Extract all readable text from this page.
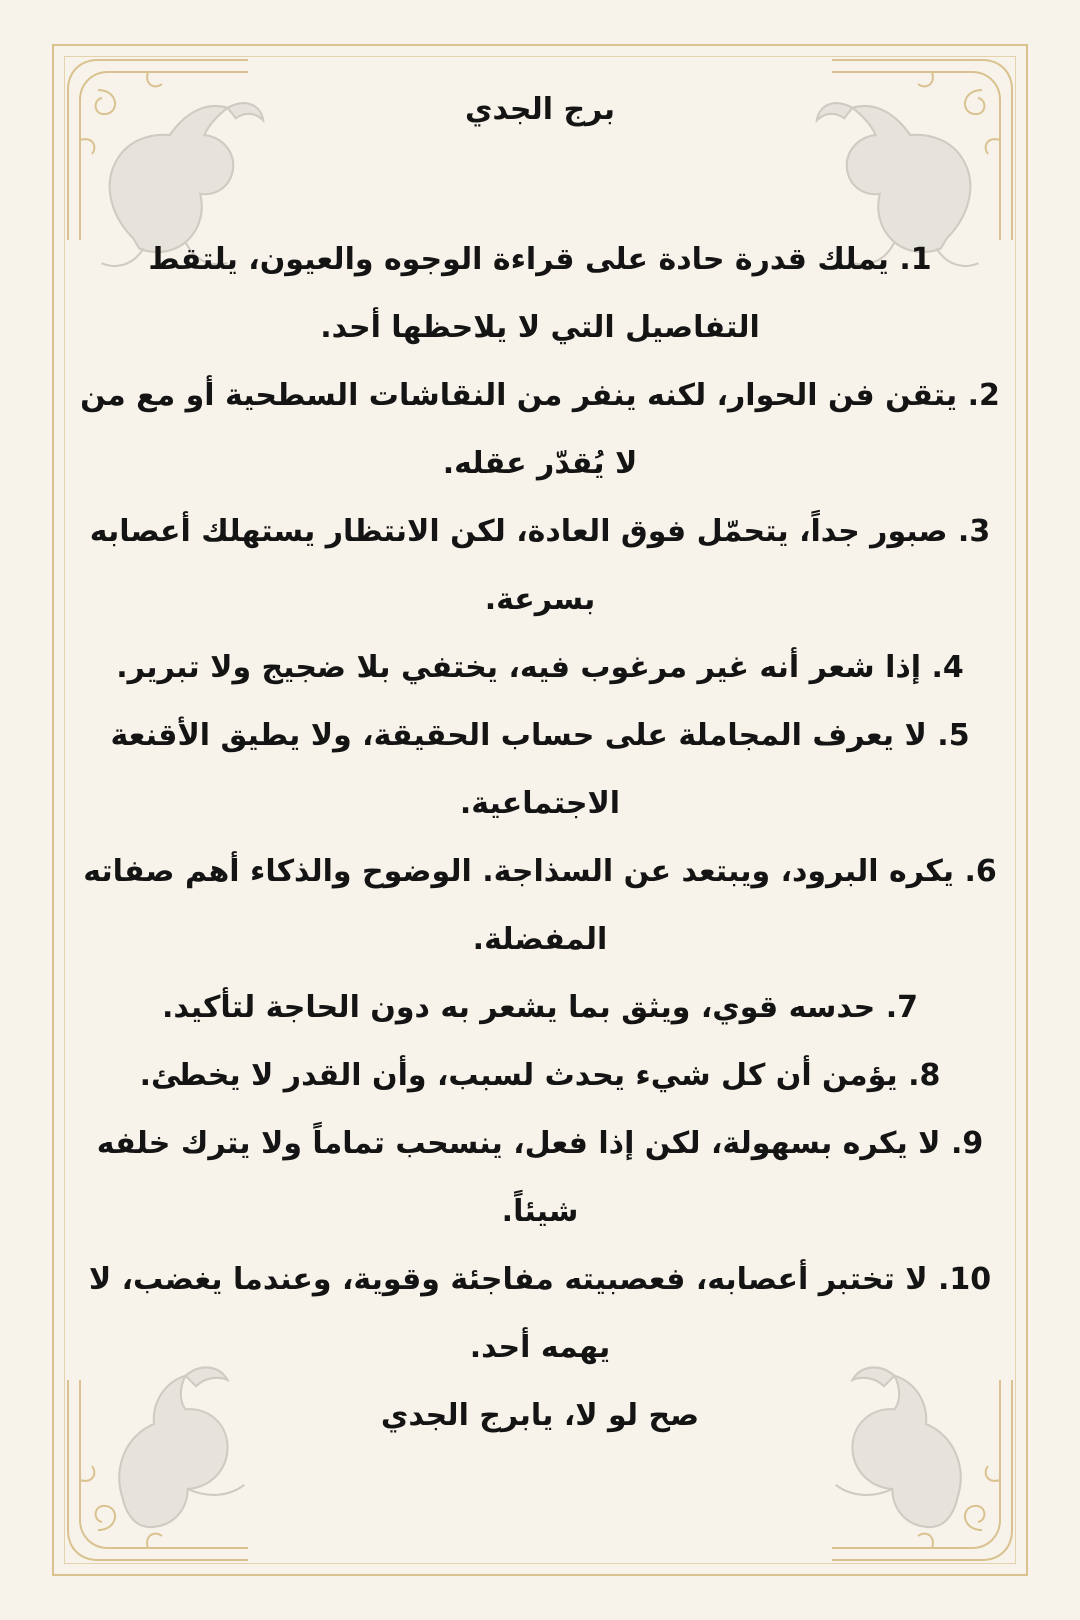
برج الجدي

1. يملك قدرة حادة على قراءة الوجوه والعيون، يلتقط التفاصيل التي لا يلاحظها أحد.

2. يتقن فن الحوار، لكنه ينفر من النقاشات السطحية أو مع من لا يُقدّر عقله.

3. صبور جداً، يتحمّل فوق العادة، لكن الانتظار يستهلك أعصابه بسرعة.

4. إذا شعر أنه غير مرغوب فيه، يختفي بلا ضجيج ولا تبرير.

5. لا يعرف المجاملة على حساب الحقيقة، ولا يطيق الأقنعة الاجتماعية.

6. يكره البرود، ويبتعد عن السذاجة. الوضوح والذكاء أهم صفاته المفضلة.

7. حدسه قوي، ويثق بما يشعر به دون الحاجة لتأكيد.

8. يؤمن أن كل شيء يحدث لسبب، وأن القدر لا يخطئ.

9. لا يكره بسهولة، لكن إذا فعل، ينسحب تماماً ولا يترك خلفه شيئاً.

10. لا تختبر أعصابه، فعصبيته مفاجئة وقوية، وعندما يغضب، لا يهمه أحد.

صح لو لا، يابرج الجدي
